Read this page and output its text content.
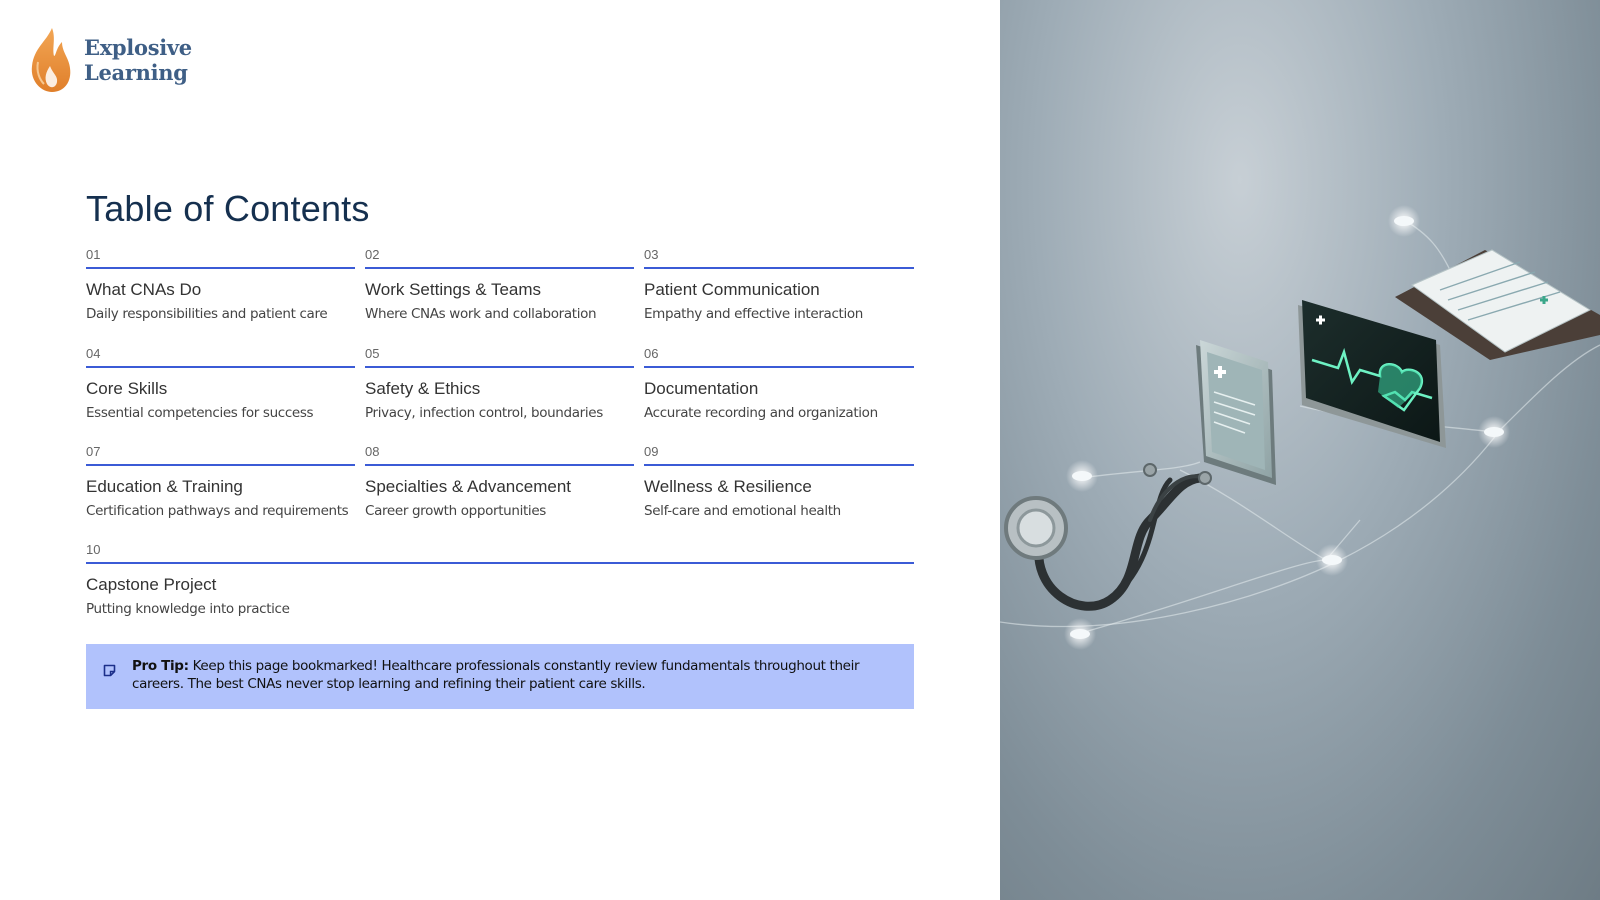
Explosive
Learning
Table of Contents
01
What CNAs Do
Daily responsibilities and patient care
02
Work Settings & Teams
Where CNAs work and collaboration
03
Patient Communication
Empathy and effective interaction
04
Core Skills
Essential competencies for success
05
Safety & Ethics
Privacy, infection control, boundaries
06
Documentation
Accurate recording and organization
07
Education & Training
Certification pathways and requirements
08
Specialties & Advancement
Career growth opportunities
09
Wellness & Resilience
Self-care and emotional health
10
Capstone Project
Putting knowledge into practice
Pro Tip: Keep this page bookmarked! Healthcare professionals constantly review fundamentals throughout their careers. The best CNAs never stop learning and refining their patient care skills.
